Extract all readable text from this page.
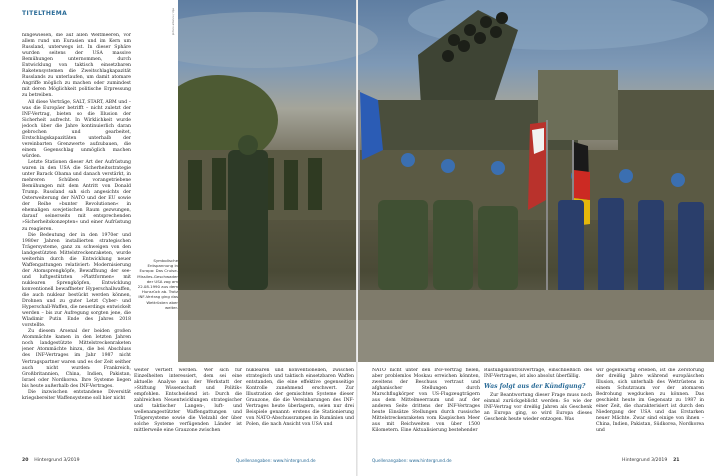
TITELTHEMA

hingewiesen, die auf allen Weltmeeren, vor allem rund um Eurasien und im Kern um Russland, unterwegs ist. In dieser Sphäre wurden seitens der USA massive Bemühungen unternommen, durch Entwicklung von taktisch einsetzbaren Raketensystemen die Zweitschlagkapazität Russlands zu unterlaufen, um damit atomare Angriffe möglich zu machen oder zumindest mit deren Möglichkeit politische Erpressung zu betreiben.

All diese Verträge, SALT, START, ABM und – was die Europäer betrifft – nicht zuletzt der INF-Vertrag, bieten so die Illusion der Sicherheit aufrecht. In Wirklichkeit wurde jedoch über die Jahre kontinuierlich daran gebrochen und gearbeitet, Erstschlagskapazitäten unterhalb der vereinbarten Grenzwerte aufzubauen, die einem Gegenschlag unmöglich machen würden.

Letzte Stationen dieser Art der Aufrüstung waren in den USA die Sicherheitsstrategie unter Barack Obama und danach verstärkt, in mehreren Schüben vorangetriebene Bemühungen mit dem Antritt von Donald Trump. Russland sah sich angesichts der Osterweiterung der NATO und der EU sowie der Reihe »bunter Revolutionen« in ehemaligen sowjetischen Raum gezwungen, darauf seinerseits mit entsprechenden »Sicherheitskonzepten« und einer Aufrüstung zu reagieren.

Die Bedeutung der in den 1970er und 1980er Jahren installierten strategischen Trägersysteme, ganz zu schweigen von den landgestützten Mittelstreckenraketen, wurde weiterhin durch die Entwicklung neuer Waffengattungen relativiert: Modernisierung der Atomsprengköpfe, Bewaffnung der see- und luftgestützten »Plattformen« mit nuklearen Sprengköpfen, Entwicklung konventionell bewaffneter Hyperschallwaffen, die auch nuklear bestückt werden können, Drohnen und zu guter Letzt Cyber- und Hyperschall-Waffen, die neuerdings entwickelt werden – bis zur Aufregung sorgten jene, die Wladimir Putin Ende des Jahres 2018 vorstellte.

Zu diesem Arsenal der beiden großen Atommächte kamen in den letzten Jahren noch landgestützte Mittelstreckenraketen jener Atommächte hinzu, die bei Abschluss des INF-Vertrages im Jahr 1987 nicht Vertragspartner waren und es der Zeit seither auch nicht wurden: Frankreich, Großbritannien, China, Indien, Pakistan, Israel oder Nordkorea. Ihre Systeme liegen bis heute außerhalb des INF-Vertrages.

Die inzwischen entstandene Diversität kriegsbereiter Waffensysteme soll hier nicht

picture alliance / dpa
Symbolische Entspannung in Europa: Das Cruise-Missiles-Geschwader der USA zog am 22.08.1990 aus dem Hunsrück ab. Trotz INF-Vertrag ging das Wettrüsten aber weiter.

weiter vertieft werden. Wer sich für Einzelheiten interessiert, dem sei eine aktuelle Analyse aus der Werkstatt der »Stiftung Wissenschaft und Politik« empfohlen. Entscheidend ist: Durch die zahlreichen Neuentwicklungen strategischer und taktischer Langen-, luft- und wellenamgestützter Waffengattungen und Trägersysteme sowie die Vielzahl der über solche Systeme verfügenden Länder ist mittlerweile eine Grauzone zwischen

nuklearen und konventionellen, zwischen strategisch und taktisch einsetzbaren Waffen entstanden, die eine effektive gegenseitige Kontrolle zunehmend erschwert. Zur Illustration der gemischten Systeme dieser Grauzone, die die Vereinbarungen des INF-Vertrages heute überlagern, seien nur drei Beispiele genannt: erstens die Stationierung von NATO-Abschussrampen in Rumänien und Polen, die nach Ansicht von USA und

NATO nicht unter den INF-Vertrag fielen, aber problemlos Moskau erreichen könnten, zweitens der Beschuss vertraut und afghanischer Stellungen durch Marschflugkörper von US-Flugzeugträgern aus dem Mittelmeerraum und auf der anderen Seite drittens der INF-Vertrages heute Einsätze Stellungen durch russische Mittelstreckenraketen vom Kaspischen Meer aus mit Reichweiten von über 1500 Kilometern. Eine Aktualisierung bestehender

Rüstungskontrollverträge, einschließlich des INF-Vertrages, ist also absolut überfällig.

Was folgt aus der Kündigung?

Zur Beantwortung dieser Frage muss noch einmal zurückgeblickt werden: So wie der INF-Vertrag vor dreißig Jahren als Geschenk an Europa ging, so wird Europa dieses Geschenk heute wieder entzogen. Was

wir gegenwärtig erleben, ist die Zerstörung der dreißig Jahre während europäischen Illusion, sich unterhalb des Wettrüstens in einem Schutzraum vor der atomaren Bedrohung wegducken zu können. Das geschieht heute im Gegensatz zu 1987 in einer Zeit, die charakterisiert ist durch den Niedergang der USA und das Erstarken neuer Mächte. Zwar sind einige von ihnen – China, Indien, Pakistan, Südkorea, Nordkorea und

20 Hintergrund 3/2019	Quellenangaben: www.hintergrund.de	Quellenangaben: www.hintergrund.de	Hintergrund 3/2019 21
